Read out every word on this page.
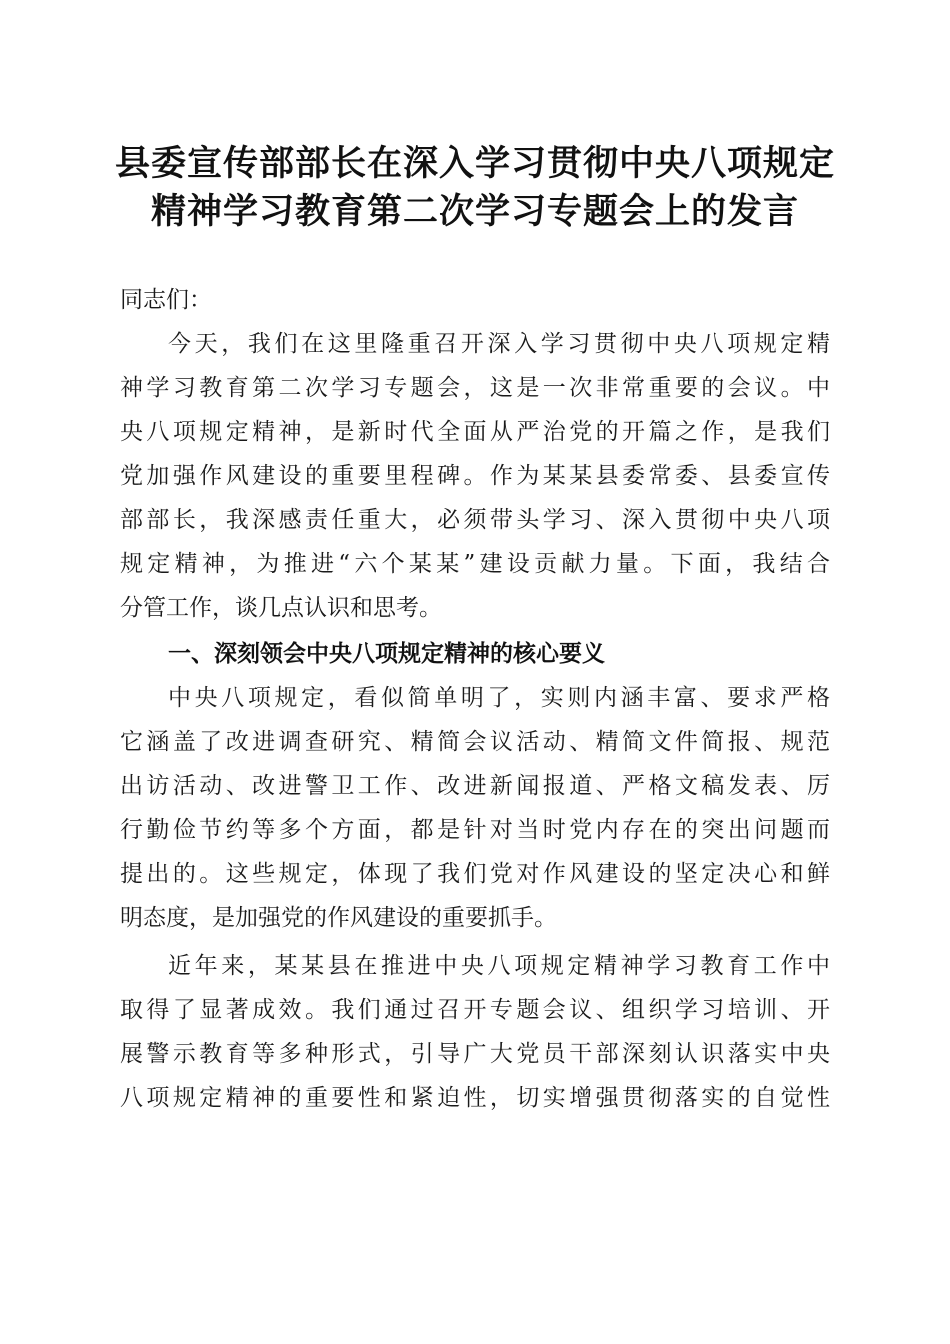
县委宣传部部长在深入学习贯彻中央八项规定
精神学习教育第二次学习专题会上的发言
同志们：
今天，我们在这里隆重召开深入学习贯彻中央八项规定精
神学习教育第二次学习专题会，这是一次非常重要的会议。中
央八项规定精神，是新时代全面从严治党的开篇之作，是我们
党加强作风建设的重要里程碑。作为某某县委常委、县委宣传
部部长，我深感责任重大，必须带头学习、深入贯彻中央八项
规定精神，为推进“六个某某”建设贡献力量。下面，我结合
分管工作，谈几点认识和思考。
一、深刻领会中央八项规定精神的核心要义
中央八项规定，看似简单明了，实则内涵丰富、要求严格
它涵盖了改进调查研究、精简会议活动、精简文件简报、规范
出访活动、改进警卫工作、改进新闻报道、严格文稿发表、厉
行勤俭节约等多个方面，都是针对当时党内存在的突出问题而
提出的。这些规定，体现了我们党对作风建设的坚定决心和鲜
明态度，是加强党的作风建设的重要抓手。
近年来，某某县在推进中央八项规定精神学习教育工作中
取得了显著成效。我们通过召开专题会议、组织学习培训、开
展警示教育等多种形式，引导广大党员干部深刻认识落实中央
八项规定精神的重要性和紧迫性，切实增强贯彻落实的自觉性
